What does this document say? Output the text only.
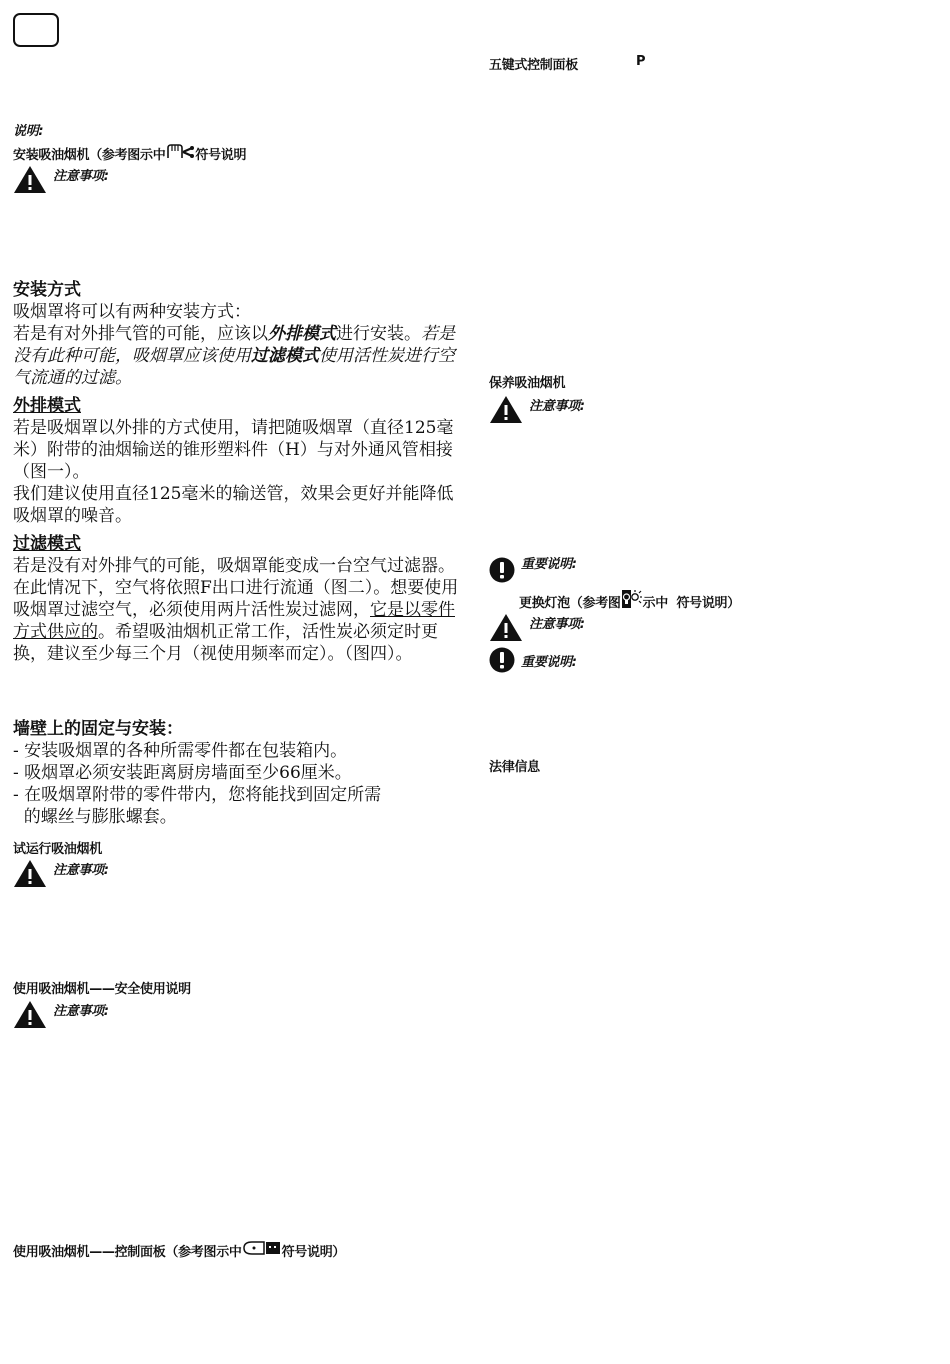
说明:
安装吸油烟机（参考图示中 符号说明
注意事项:

安装方式

吸烟罩将可以有两种安装方式：

若是有对外排气管的可能，应该以外排模式进行安装。若是没有此种可能，吸烟罩应该使用过滤模式使用活性炭进行空气流通的过滤。

外排模式

若是吸烟罩以外排的方式使用，请把随吸烟罩（直径125毫米）附带的油烟输送的锥形塑料件（H）与对外通风管相接（图一）。

我们建议使用直径125毫米的输送管，效果会更好并能降低吸烟罩的噪音。

过滤模式

若是没有对外排气的可能，吸烟罩能变成一台空气过滤器。

在此情况下，空气将依照F出口进行流通（图二）。想要使用吸烟罩过滤空气，必须使用两片活性炭过滤网，它是以零件方式供应的。希望吸油烟机正常工作，活性炭必须定时更换，建议至少每三个月（视使用频率而定）。（图四）。

墙壁上的固定与安装：

- 安装吸烟罩的各种所需零件都在包装箱内。

- 吸烟罩必须安装距离厨房墙面至少66厘米。

- 在吸烟罩附带的零件带内，您将能找到固定所需

的螺丝与膨胀螺套。

试运行吸油烟机
注意事项:
使用吸油烟机——安全使用说明
注意事项:
使用吸油烟机——控制面板（参考图示中	符号说明）
五键式控制面板	P
保养吸油烟机
注意事项:
重要说明:
更换灯泡（参考图 示中  符号说明）
注意事项:
重要说明:
法律信息
